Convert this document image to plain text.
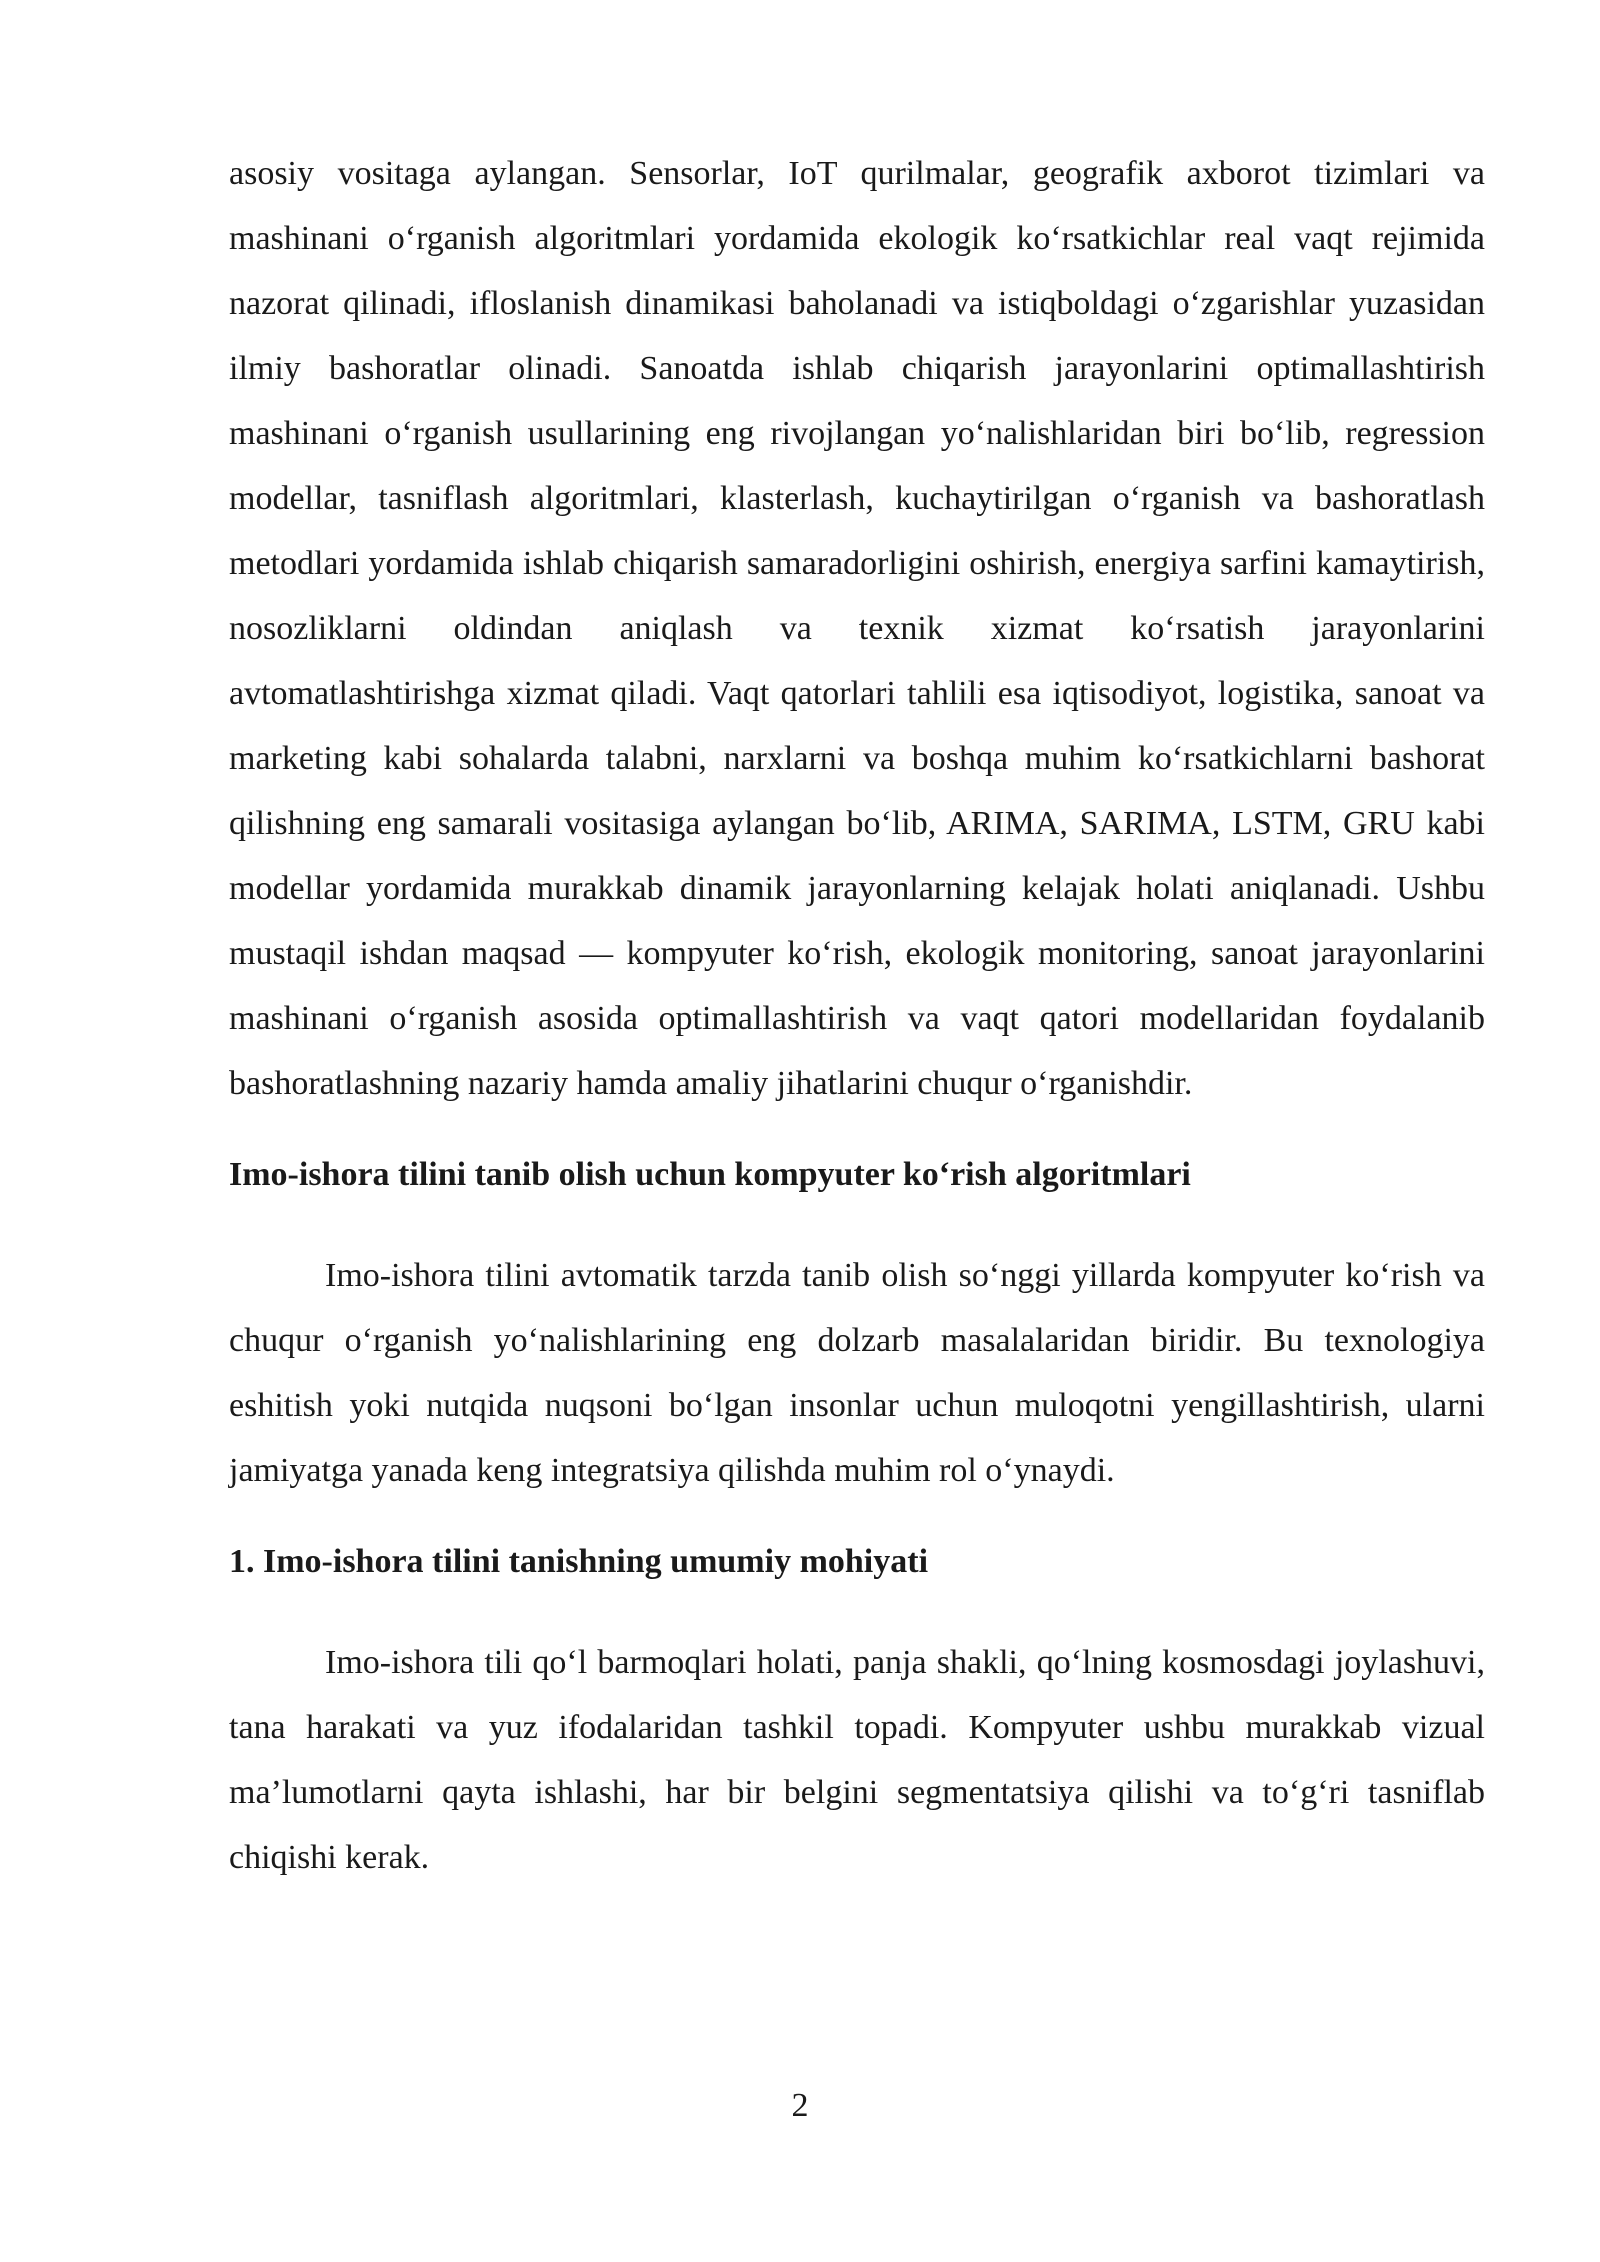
asosiy vositaga aylangan. Sensorlar, IoT qurilmalar, geografik axborot tizimlari va mashinani oʻrganish algoritmlari yordamida ekologik koʻrsatkichlar real vaqt rejimida nazorat qilinadi, ifloslanish dinamikasi baholanadi va istiqboldagi oʻzgarishlar yuzasidan ilmiy bashoratlar olinadi. Sanoatda ishlab chiqarish jarayonlarini optimallashtirish mashinani oʻrganish usullarining eng rivojlangan yoʻnalishlaridan biri boʻlib, regression modellar, tasniflash algoritmlari, klasterlash, kuchaytirilgan oʻrganish va bashoratlash metodlari yordamida ishlab chiqarish samaradorligini oshirish, energiya sarfini kamaytirish, nosozliklarni oldindan aniqlash va texnik xizmat koʻrsatish jarayonlarini avtomatlashtirishga xizmat qiladi. Vaqt qatorlari tahlili esa iqtisodiyot, logistika, sanoat va marketing kabi sohalarda talabni, narxlarni va boshqa muhim koʻrsatkichlarni bashorat qilishning eng samarali vositasiga aylangan boʻlib, ARIMA, SARIMA, LSTM, GRU kabi modellar yordamida murakkab dinamik jarayonlarning kelajak holati aniqlanadi. Ushbu mustaqil ishdan maqsad — kompyuter koʻrish, ekologik monitoring, sanoat jarayonlarini mashinani oʻrganish asosida optimallashtirish va vaqt qatori modellaridan foydalanib bashoratlashning nazariy hamda amaliy jihatlarini chuqur oʻrganishdir.

Imo-ishora tilini tanib olish uchun kompyuter koʻrish algoritmlari

Imo-ishora tilini avtomatik tarzda tanib olish soʻnggi yillarda kompyuter koʻrish va chuqur oʻrganish yoʻnalishlarining eng dolzarb masalalaridan biridir. Bu texnologiya eshitish yoki nutqida nuqsoni boʻlgan insonlar uchun muloqotni yengillashtirish, ularni jamiyatga yanada keng integratsiya qilishda muhim rol oʻynaydi.

1. Imo-ishora tilini tanishning umumiy mohiyati

Imo-ishora tili qoʻl barmoqlari holati, panja shakli, qoʻlning kosmosdagi joylashuvi, tana harakati va yuz ifodalaridan tashkil topadi. Kompyuter ushbu murakkab vizual ma’lumotlarni qayta ishlashi, har bir belgini segmentatsiya qilishi va toʻgʻri tasniflab chiqishi kerak.

2
